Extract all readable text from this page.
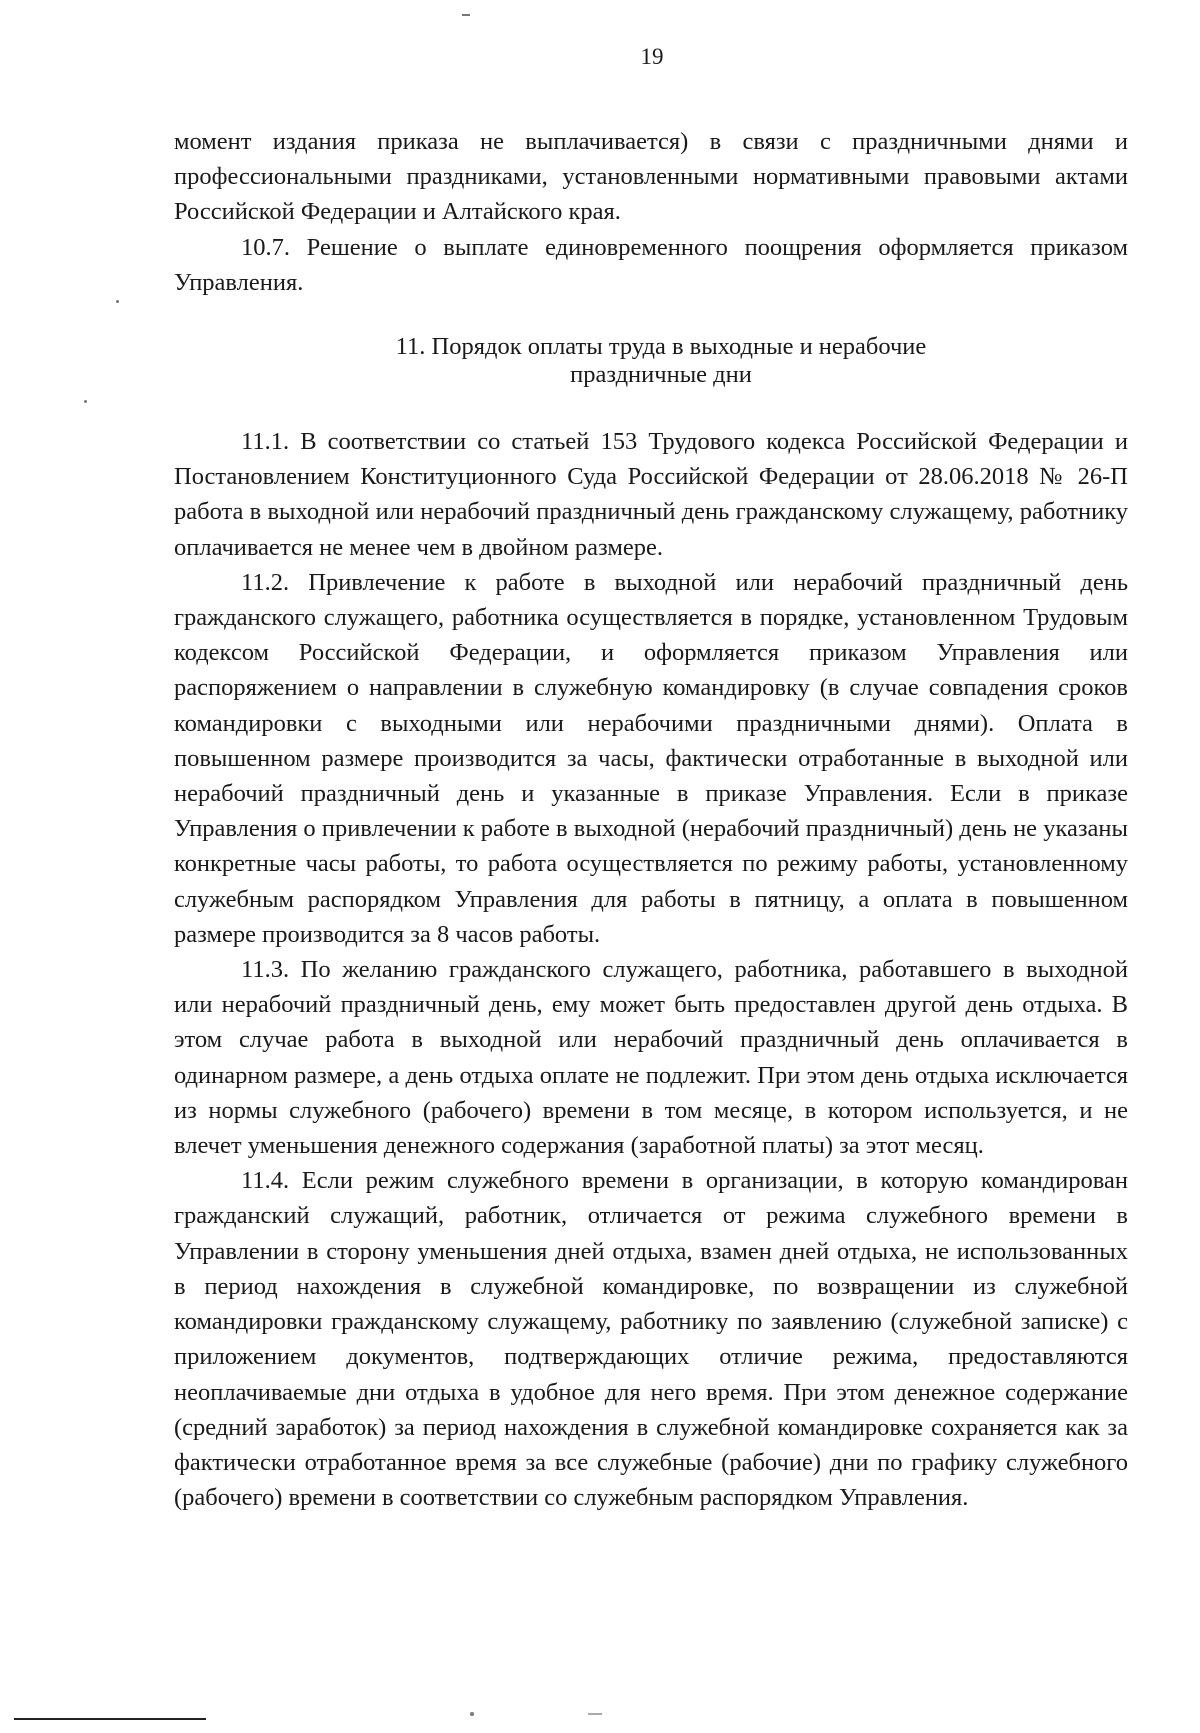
19

момент издания приказа не выплачивается) в связи с праздничными днями и профессиональными праздниками, установленными нормативными правовыми актами Российской Федерации и Алтайского края.

10.7. Решение о выплате единовременного поощрения оформляется приказом Управления.

11. Порядок оплаты труда в выходные и нерабочие
праздничные дни

11.1. В соответствии со статьей 153 Трудового кодекса Российской Федерации и Постановлением Конституционного Суда Российской Федерации от 28.06.2018 № 26-П работа в выходной или нерабочий праздничный день гражданскому служащему, работнику оплачивается не менее чем в двойном размере.

11.2. Привлечение к работе в выходной или нерабочий праздничный день гражданского служащего, работника осуществляется в порядке, установленном Трудовым кодексом Российской Федерации, и оформляется приказом Управления или распоряжением о направлении в служебную командировку (в случае совпадения сроков командировки с выходными или нерабочими праздничными днями). Оплата в повышенном размере производится за часы, фактически отработанные в выходной или нерабочий праздничный день и указанные в приказе Управления. Если в приказе Управления о привлечении к работе в выходной (нерабочий праздничный) день не указаны конкретные часы работы, то работа осуществляется по режиму работы, установленному служебным распорядком Управления для работы в пятницу, а оплата в повышенном размере производится за 8 часов работы.

11.3. По желанию гражданского служащего, работника, работавшего в выходной или нерабочий праздничный день, ему может быть предоставлен другой день отдыха. В этом случае работа в выходной или нерабочий праздничный день оплачивается в одинарном размере, а день отдыха оплате не подлежит. При этом день отдыха исключается из нормы служебного (рабочего) времени в том месяце, в котором используется, и не влечет уменьшения денежного содержания (заработной платы) за этот месяц.

11.4. Если режим служебного времени в организации, в которую командирован гражданский служащий, работник, отличается от режима служебного времени в Управлении в сторону уменьшения дней отдыха, взамен дней отдыха, не использованных в период нахождения в служебной командировке, по возвращении из служебной командировки гражданскому служащему, работнику по заявлению (служебной записке) с приложением документов, подтверждающих отличие режима, предоставляются неоплачиваемые дни отдыха в удобное для него время. При этом денежное содержание (средний заработок) за период нахождения в служебной командировке сохраняется как за фактически отработанное время за все служебные (рабочие) дни по графику служебного (рабочего) времени в соответствии со служебным распорядком Управления.
